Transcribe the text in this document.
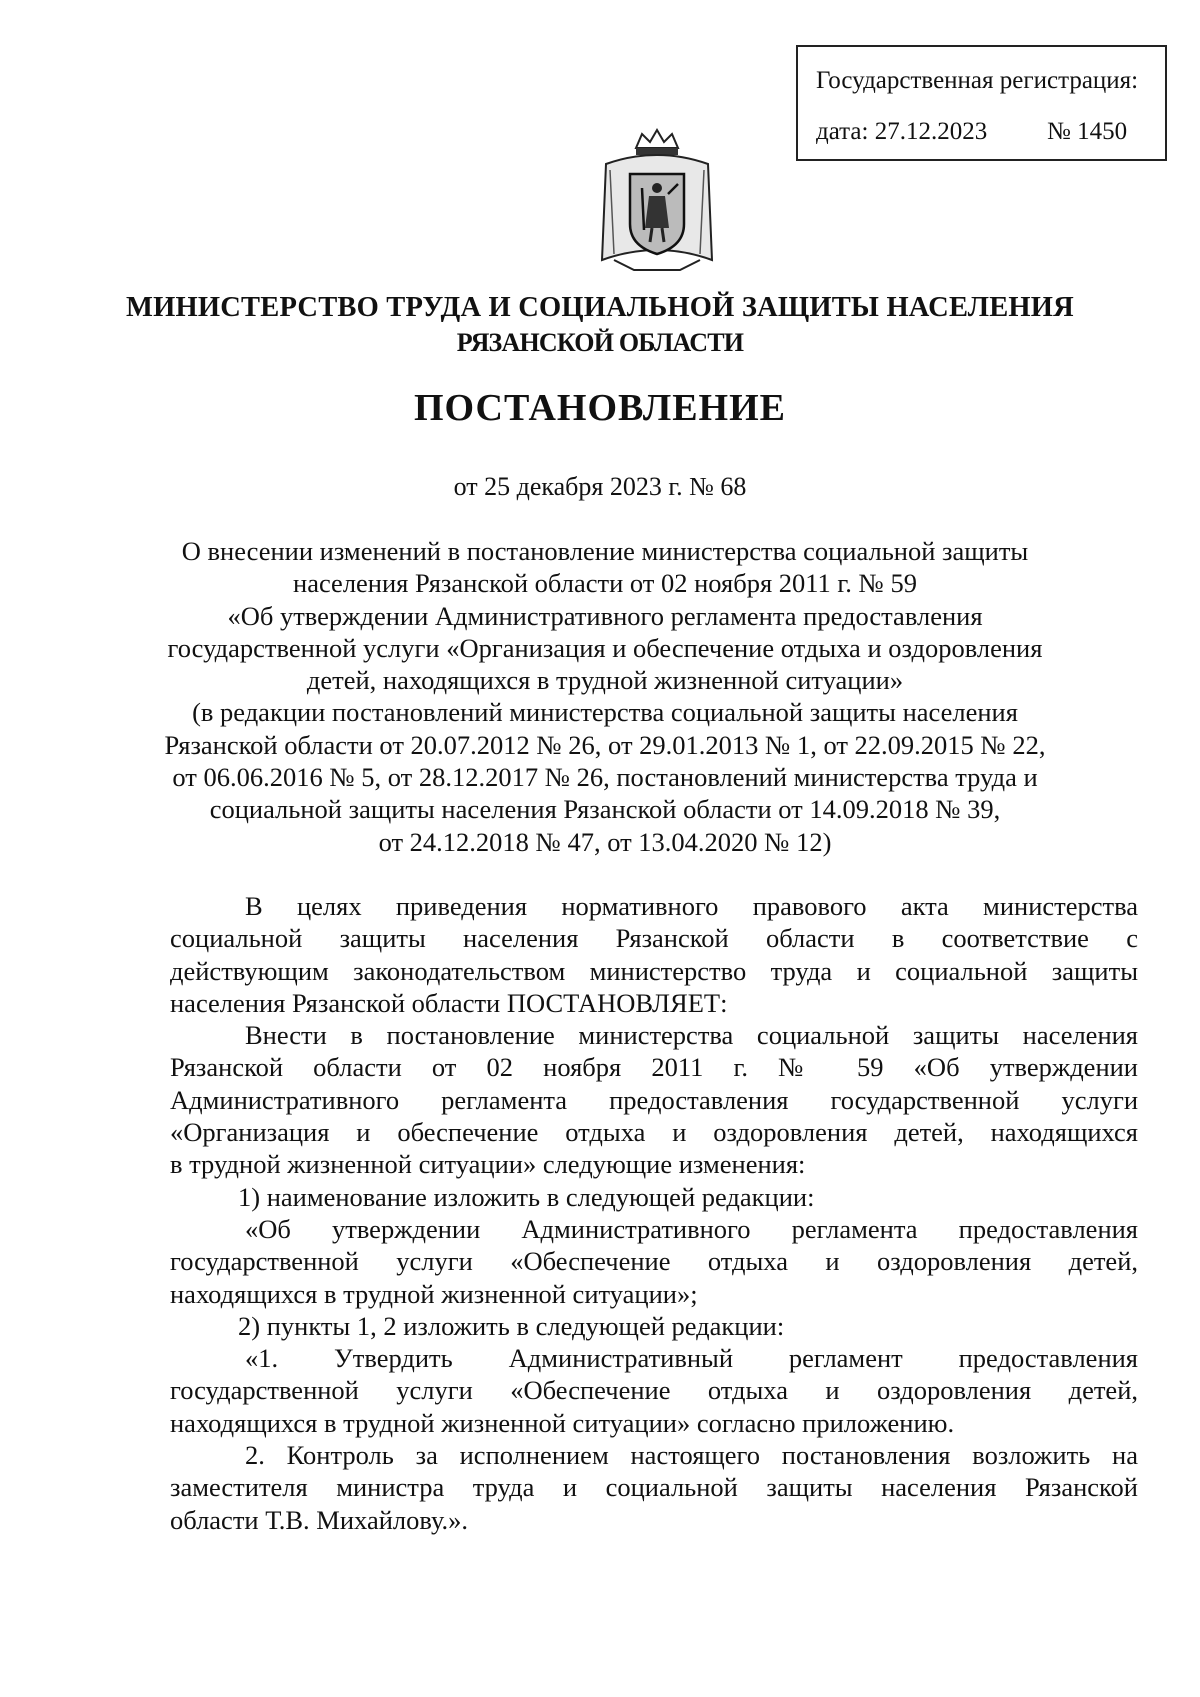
Государственная регистрация:
дата: 27.12.2023 № 1450
МИНИСТЕРСТВО ТРУДА И СОЦИАЛЬНОЙ ЗАЩИТЫ НАСЕЛЕНИЯ
РЯЗАНСКОЙ ОБЛАСТИ
ПОСТАНОВЛЕНИЕ
от 25 декабря 2023 г. № 68
О внесении изменений в постановление министерства социальной защиты
населения Рязанской области от 02 ноября 2011 г. № 59
«Об утверждении Административного регламента предоставления
государственной услуги «Организация и обеспечение отдыха и оздоровления
детей, находящихся в трудной жизненной ситуации»
(в редакции постановлений министерства социальной защиты населения
Рязанской области от 20.07.2012 № 26, от 29.01.2013 № 1, от 22.09.2015 № 22,
от 06.06.2016 № 5, от 28.12.2017 № 26, постановлений министерства труда и
социальной защиты населения Рязанской области от 14.09.2018 № 39,
от 24.12.2018 № 47, от 13.04.2020 № 12)
В целях приведения нормативного правового акта министерства
социальной защиты населения Рязанской области в соответствие с
действующим законодательством министерство труда и социальной защиты
населения Рязанской области ПОСТАНОВЛЯЕТ:
Внести в постановление министерства социальной защиты населения
Рязанской области от 02 ноября 2011 г. № 59 «Об утверждении
Административного регламента предоставления государственной услуги
«Организация и обеспечение отдыха и оздоровления детей, находящихся
в трудной жизненной ситуации» следующие изменения:
1) наименование изложить в следующей редакции:
«Об утверждении Административного регламента предоставления
государственной услуги «Обеспечение отдыха и оздоровления детей,
находящихся в трудной жизненной ситуации»;
2) пункты 1, 2 изложить в следующей редакции:
«1. Утвердить Административный регламент предоставления
государственной услуги «Обеспечение отдыха и оздоровления детей,
находящихся в трудной жизненной ситуации» согласно приложению.
2. Контроль за исполнением настоящего постановления возложить на
заместителя министра труда и социальной защиты населения Рязанской
области Т.В. Михайлову.».
